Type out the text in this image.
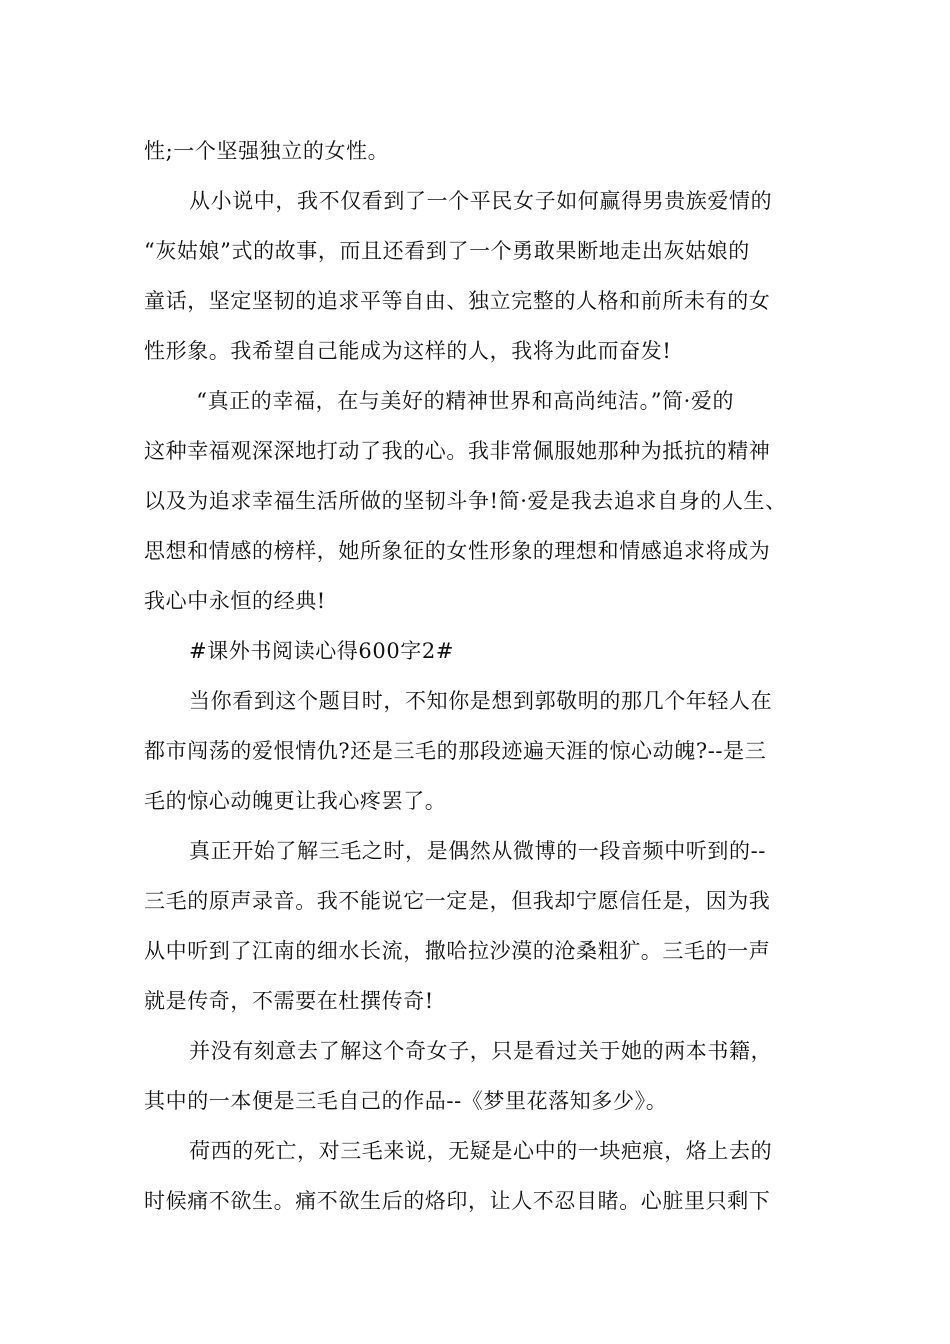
性;一个坚强独立的女性。
从小说中，我不仅看到了一个平民女子如何赢得男贵族爱情的
“灰姑娘”式的故事，而且还看到了一个勇敢果断地走出灰姑娘的
童话，坚定坚韧的追求平等自由、独立完整的人格和前所未有的女
性形象。我希望自己能成为这样的人，我将为此而奋发!
“真正的幸福，在与美好的精神世界和高尚纯洁。”简·爱的
这种幸福观深深地打动了我的心。我非常佩服她那种为抵抗的精神
以及为追求幸福生活所做的坚韧斗争!简·爱是我去追求自身的人生、
思想和情感的榜样，她所象征的女性形象的理想和情感追求将成为
我心中永恒的经典!
#课外书阅读心得600字2#
当你看到这个题目时，不知你是想到郭敬明的那几个年轻人在
都市闯荡的爱恨情仇?还是三毛的那段迹遍天涯的惊心动魄?--是三
毛的惊心动魄更让我心疼罢了。
真正开始了解三毛之时，是偶然从微博的一段音频中听到的--
三毛的原声录音。我不能说它一定是，但我却宁愿信任是，因为我
从中听到了江南的细水长流，撒哈拉沙漠的沧桑粗犷。三毛的一声
就是传奇，不需要在杜撰传奇!
并没有刻意去了解这个奇女子，只是看过关于她的两本书籍，
其中的一本便是三毛自己的作品--《梦里花落知多少》。
荷西的死亡，对三毛来说，无疑是心中的一块疤痕，烙上去的
时候痛不欲生。痛不欲生后的烙印，让人不忍目睹。心脏里只剩下
